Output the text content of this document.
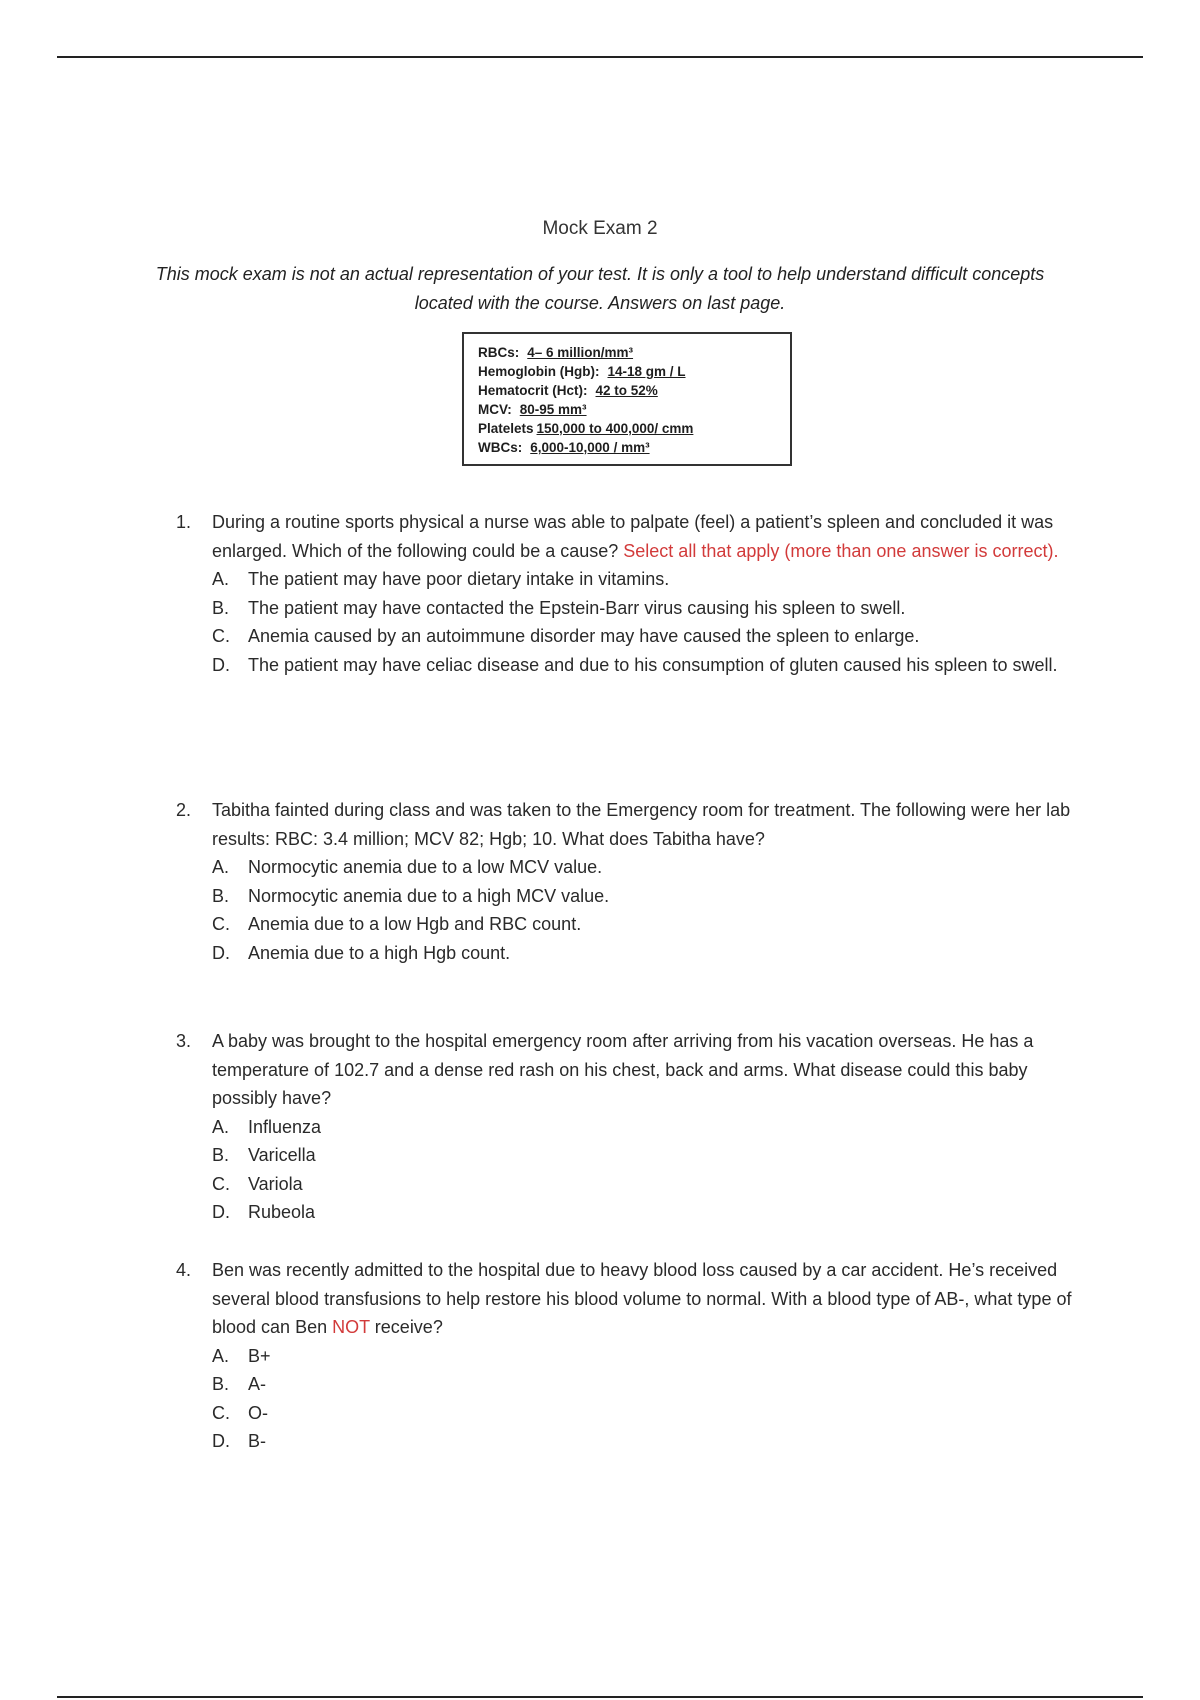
Mock Exam 2
This mock exam is not an actual representation of your test. It is only a tool to help understand difficult concepts located with the course. Answers on last page.
RBCs: 4– 6 million/mm³
Hemoglobin (Hgb): 14-18 gm / L
Hematocrit (Hct): 42 to 52%
MCV: 80-95 mm³
Platelets 150,000 to 400,000/ cmm
WBCs: 6,000-10,000 / mm³
1.	During a routine sports physical a nurse was able to palpate (feel) a patient’s spleen and concluded it was enlarged. Which of the following could be a cause? Select all that apply (more than one answer is correct).
A.	The patient may have poor dietary intake in vitamins.
B.	The patient may have contacted the Epstein-Barr virus causing his spleen to swell.
C.	Anemia caused by an autoimmune disorder may have caused the spleen to enlarge.
D.	The patient may have celiac disease and due to his consumption of gluten caused his spleen to swell.
2.	Tabitha fainted during class and was taken to the Emergency room for treatment. The following were her lab results: RBC: 3.4 million; MCV 82; Hgb; 10. What does Tabitha have?
A.	Normocytic anemia due to a low MCV value.
B.	Normocytic anemia due to a high MCV value.
C.	Anemia due to a low Hgb and RBC count.
D.	Anemia due to a high Hgb count.
3.	A baby was brought to the hospital emergency room after arriving from his vacation overseas. He has a temperature of 102.7 and a dense red rash on his chest, back and arms. What disease could this baby possibly have?
A.	Influenza
B.	Varicella
C.	Variola
D.	Rubeola
4.	Ben was recently admitted to the hospital due to heavy blood loss caused by a car accident. He’s received several blood transfusions to help restore his blood volume to normal. With a blood type of AB-, what type of blood can Ben NOT receive?
A.	B+
B.	A-
C.	O-
D.	B-
